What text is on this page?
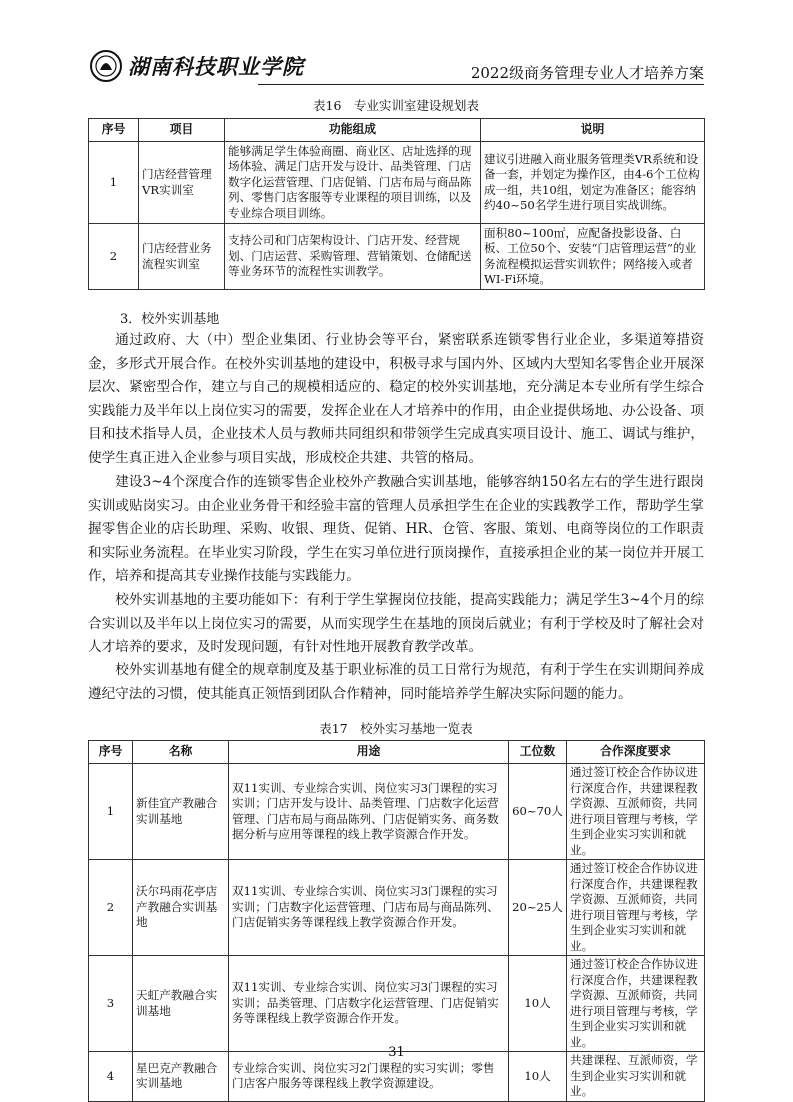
湖南科技职业学院	2022级商务管理专业人才培养方案
表16　专业实训室建设规划表
序号	项目	功能组成	说明
1	门店经营管理VR实训室	能够满足学生体验商圈、商业区、店址选择的现场体验、满足门店开发与设计、品类管理、门店数字化运营管理、门店促销、门店布局与商品陈列、零售门店客服等专业课程的项目训练，以及专业综合项目训练。	建议引进融入商业服务管理类VR系统和设备一套，并划定为操作区，由4-6个工位构成一组，共10组，划定为准备区；能容纳约40~50名学生进行项目实战训练。
2	门店经营业务流程实训室	支持公司和门店架构设计、门店开发、经营规划、门店运营、采购管理、营销策划、仓储配送等业务环节的流程性实训教学。	面积80~100㎡，应配备投影设备、白板、工位50个、安装“门店管理运营”的业务流程模拟运营实训软件；网络接入或者WI-Fi环境。
3．校外实训基地

通过政府、大（中）型企业集团、行业协会等平台，紧密联系连锁零售行业企业，多渠道筹措资金，多形式开展合作。在校外实训基地的建设中，积极寻求与国内外、区域内大型知名零售企业开展深层次、紧密型合作，建立与自己的规模相适应的、稳定的校外实训基地，充分满足本专业所有学生综合实践能力及半年以上岗位实习的需要，发挥企业在人才培养中的作用，由企业提供场地、办公设备、项目和技术指导人员，企业技术人员与教师共同组织和带领学生完成真实项目设计、施工、调试与维护，使学生真正进入企业参与项目实战，形成校企共建、共管的格局。

建设3~4个深度合作的连锁零售企业校外产教融合实训基地，能够容纳150名左右的学生进行跟岗实训或贴岗实习。由企业业务骨干和经验丰富的管理人员承担学生在企业的实践教学工作，帮助学生掌握零售企业的店长助理、采购、收银、理货、促销、HR、仓管、客服、策划、电商等岗位的工作职责和实际业务流程。在毕业实习阶段，学生在实习单位进行顶岗操作，直接承担企业的某一岗位并开展工作，培养和提高其专业操作技能与实践能力。

校外实训基地的主要功能如下：有利于学生掌握岗位技能，提高实践能力；满足学生3~4个月的综合实训以及半年以上岗位实习的需要，从而实现学生在基地的顶岗后就业；有利于学校及时了解社会对人才培养的要求，及时发现问题，有针对性地开展教育教学改革。

校外实训基地有健全的规章制度及基于职业标准的员工日常行为规范，有利于学生在实训期间养成遵纪守法的习惯，使其能真正领悟到团队合作精神，同时能培养学生解决实际问题的能力。

表17　校外实习基地一览表
序号	名称	用途	工位数	合作深度要求
1	新佳宜产教融合实训基地	双11实训、专业综合实训、岗位实习3门课程的实习实训；门店开发与设计、品类管理、门店数字化运营管理、门店布局与商品陈列、门店促销实务、商务数据分析与应用等课程的线上教学资源合作开发。	60~70人	通过签订校企合作协议进行深度合作，共建课程教学资源、互派师资，共同进行项目管理与考核，学生到企业实习实训和就业。
2	沃尔玛雨花亭店产教融合实训基地	双11实训、专业综合实训、岗位实习3门课程的实习实训；门店数字化运营管理、门店布局与商品陈列、门店促销实务等课程线上教学资源合作开发。	20~25人	通过签订校企合作协议进行深度合作，共建课程教学资源、互派师资，共同进行项目管理与考核，学生到企业实习实训和就业。
3	天虹产教融合实训基地	双11实训、专业综合实训、岗位实习3门课程的实习实训；品类管理、门店数字化运营管理、门店促销实务等课程线上教学资源合作开发。	10人	通过签订校企合作协议进行深度合作，共建课程教学资源、互派师资，共同进行项目管理与考核，学生到企业实习实训和就业。
4	星巴克产教融合实训基地	专业综合实训、岗位实习2门课程的实习实训；零售门店客户服务等课程线上教学资源建设。	10人	共建课程、互派师资，学生到企业实习实训和就业。
31
